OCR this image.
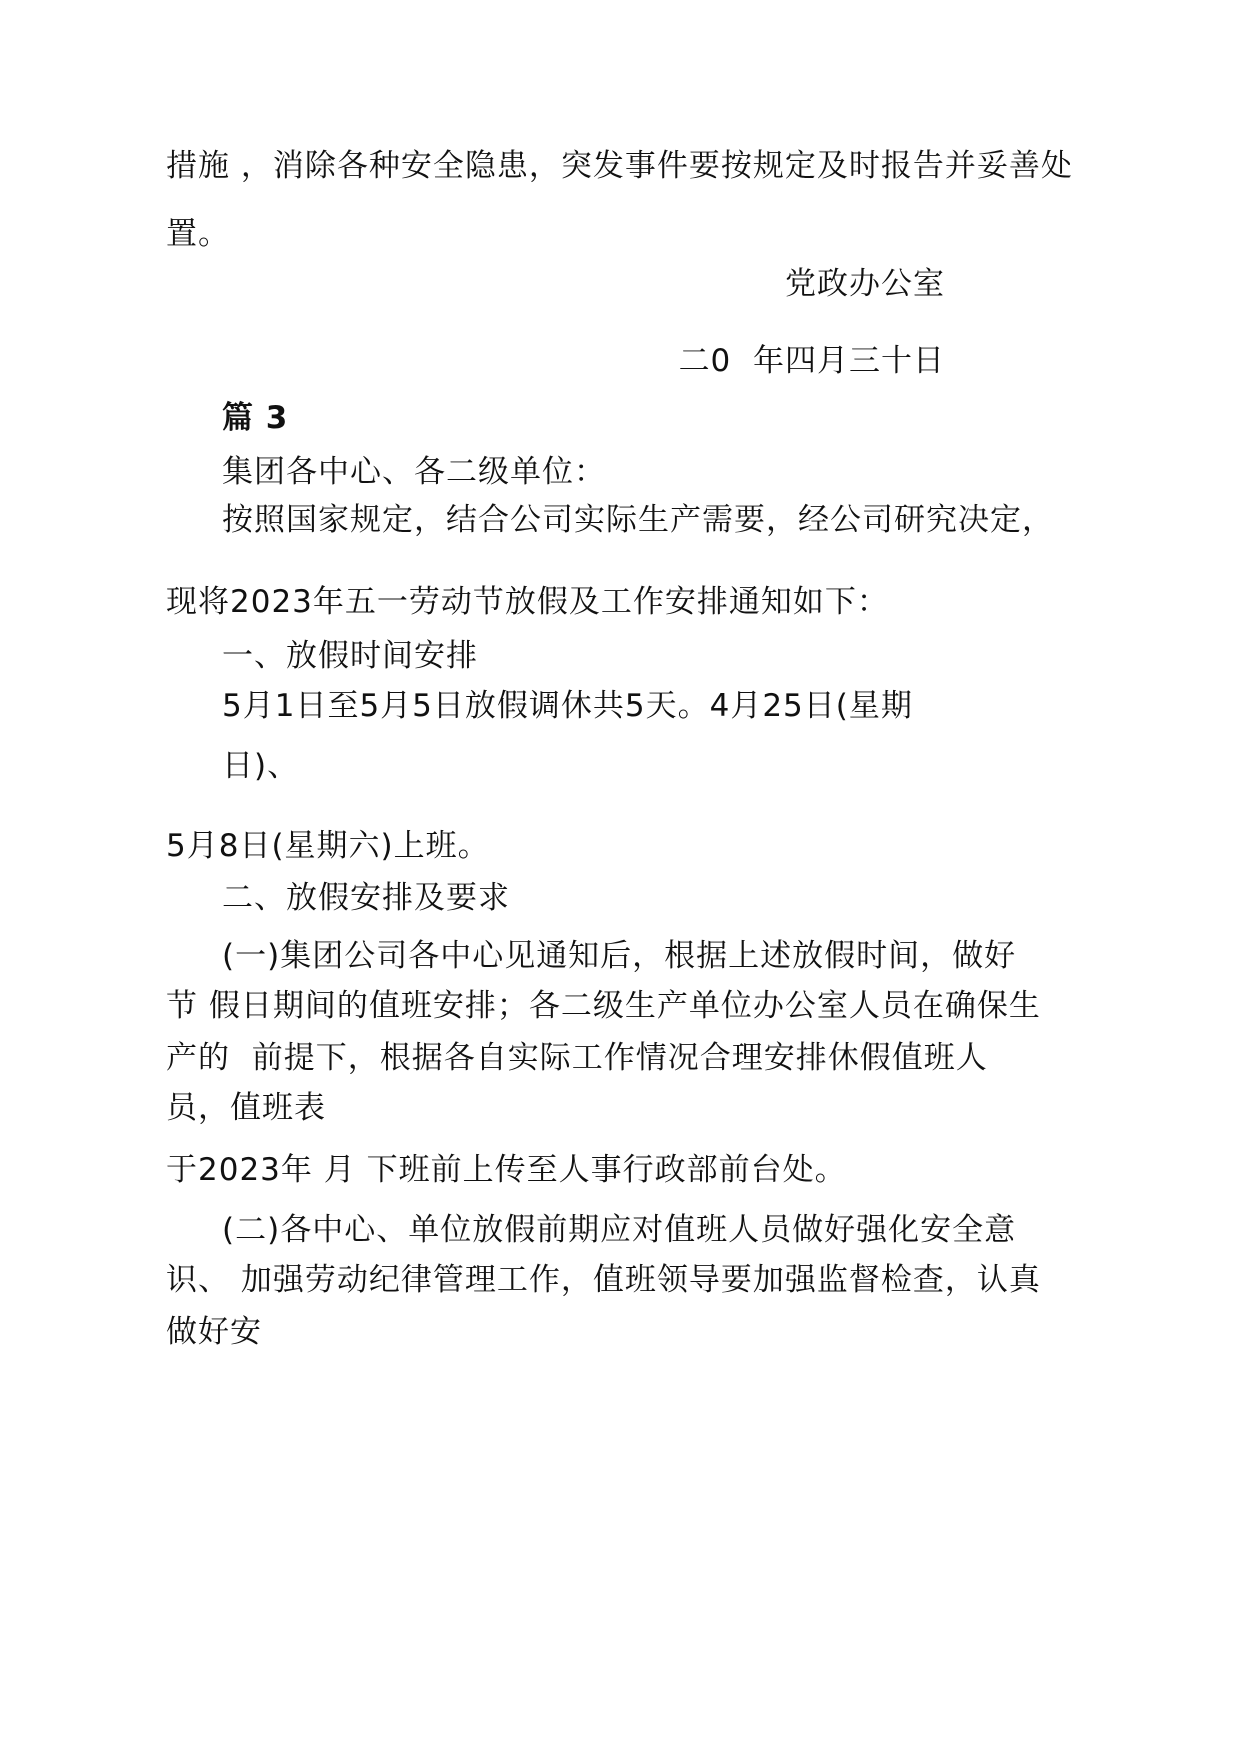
措施 ，消除各种安全隐患，突发事件要按规定及时报告并妥善处
置。
党政办公室
二0  年四月三十日
篇 3
集团各中心、各二级单位：
按照国家规定，结合公司实际生产需要，经公司研究决定，
现将2023年五一劳动节放假及工作安排通知如下：
一、放假时间安排
5月1日至5月5日放假调休共5天。4月25日(星期
日)、
5月8日(星期六)上班。
二、放假安排及要求
(一)集团公司各中心见通知后，根据上述放假时间，做好
节 假日期间的值班安排；各二级生产单位办公室人员在确保生
产的  前提下，根据各自实际工作情况合理安排休假值班人
员，值班表
于2023年 月 下班前上传至人事行政部前台处。
(二)各中心、单位放假前期应对值班人员做好强化安全意
识、 加强劳动纪律管理工作，值班领导要加强监督检查，认真
做好安
